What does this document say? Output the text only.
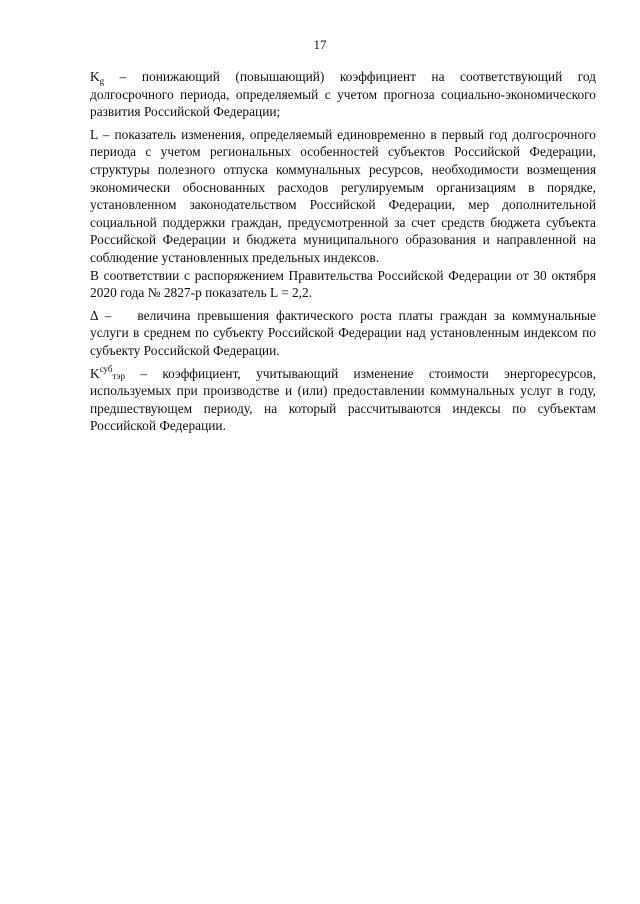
17

$K_g$ – понижающий (повышающий) коэффициент на соответствующий год долгосрочного периода, определяемый с учетом прогноза социально-экономического развития Российской Федерации;

L – показатель изменения, определяемый единовременно в первый год долгосрочного периода с учетом региональных особенностей субъектов Российской Федерации, структуры полезного отпуска коммунальных ресурсов, необходимости возмещения экономически обоснованных расходов регулируемым организациям в порядке, установленном законодательством Российской Федерации, мер дополнительной социальной поддержки граждан, предусмотренной за счет средств бюджета субъекта Российской Федерации и бюджета муниципального образования и направленной на соблюдение установленных предельных индексов.

В соответствии с распоряжением Правительства Российской Федерации от 30 октября 2020 года № 2827-р показатель L = 2,2.

Δ – величина превышения фактического роста платы граждан за коммунальные услуги в среднем по субъекту Российской Федерации над установленным индексом по субъекту Российской Федерации.

$K^{суб}тэр$ – коэффициент, учитывающий изменение стоимости энергоресурсов, используемых при производстве и (или) предоставлении коммунальных услуг в году, предшествующем периоду, на который рассчитываются индексы по субъектам Российской Федерации.
